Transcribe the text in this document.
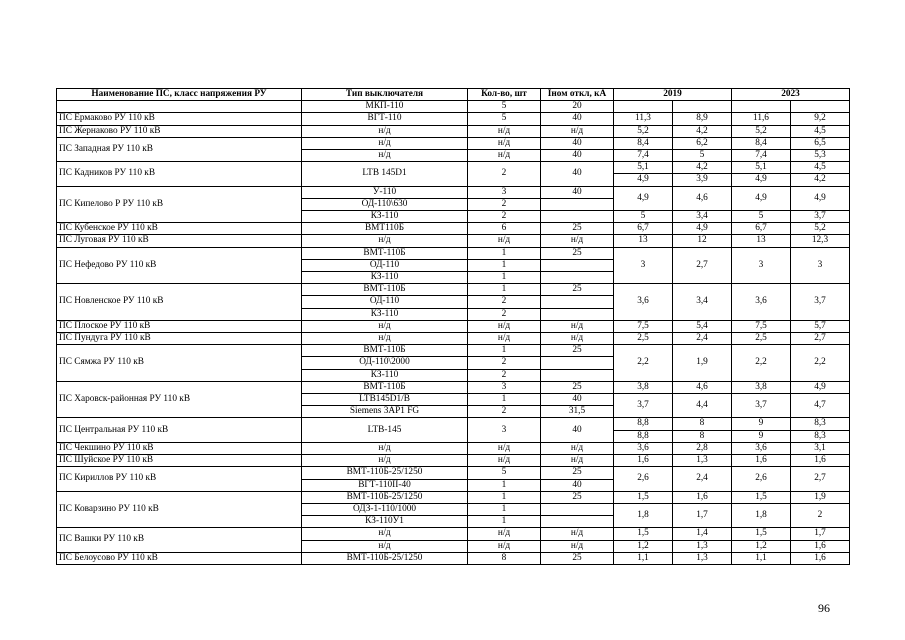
Наименование ПС, класс напряжения РУ	Тип выключателя	Кол-во, шт	Iном откл, кА	2019		2023	
	МКП-110	5	20				
ПС Ермаково РУ 110 кВ	ВГТ-110	5	40	11,3	8,9	11,6	9,2
ПС Жернаково РУ 110 кВ	н/д	н/д	н/д	5,2	4,2	5,2	4,5
ПС Западная РУ 110 кВ	н/д	н/д	40	8,4	6,2	8,4	6,5
	н/д	н/д	40	7,4	5	7,4	5,3
ПС Кадников РУ 110 кВ	LTB 145D1	2	40	5,1	4,2	5,1	4,5
				4,9	3,9	4,9	4,2
ПС Кипелово Р РУ 110 кВ	У-110	3	40	4,9	4,6	4,9	4,9
	ОД-110\630	2					
	КЗ-110	2		5	3,4	5	3,7
ПС Кубенское РУ 110 кВ	ВМТ110Б	6	25	6,7	4,9	6,7	5,2
ПС Луговая РУ 110 кВ	н/д	н/д	н/д	13	12	13	12,3
ПС Нефедово РУ 110 кВ	ВМТ-110Б	1	25	3	2,7	3	3
	ОД-110	1					
	КЗ-110	1					
ПС Новленское РУ 110 кВ	ВМТ-110Б	1	25	3,6	3,4	3,6	3,7
	ОД-110	2					
	КЗ-110	2					
ПС Плоское РУ 110 кВ	н/д	н/д	н/д	7,5	5,4	7,5	5,7
ПС Пундуга РУ 110 кВ	н/д	н/д	н/д	2,5	2,4	2,5	2,7
ПС Сямжа РУ 110 кВ	ВМТ-110Б	1	25	2,2	1,9	2,2	2,2
	ОД-110\2000	2					
	КЗ-110	2					
ПС Харовск-районная РУ 110 кВ	ВМТ-110Б	3	25	3,8	4,6	3,8	4,9
	LTB145D1/B	1	40	3,7	4,4	3,7	4,7
	Siemens 3AP1 FG	2	31,5				
ПС Центральная РУ 110 кВ	LTB-145	3	40	8,8	8	9	8,3
				8,8	8	9	8,3
ПС Чекшино РУ 110 кВ	н/д	н/д	н/д	3,6	2,8	3,6	3,1
ПС Шуйское РУ 110 кВ	н/д	н/д	н/д	1,6	1,3	1,6	1,6
ПС Кириллов РУ 110 кВ	ВМТ-110Б-25/1250	5	25	2,6	2,4	2,6	2,7
	ВГТ-110II-40	1	40				
ПС Коварзино РУ 110 кВ	ВМТ-110Б-25/1250	1	25	1,5	1,6	1,5	1,9
	ОДЗ-1-110/1000	1		1,8	1,7	1,8	2
	КЗ-110У1	1					
ПС Вашки РУ 110 кВ	н/д	н/д	н/д	1,5	1,4	1,5	1,7
	н/д	н/д	н/д	1,2	1,3	1,2	1,6
ПС Белоусово РУ 110 кВ	ВМТ-110Б-25/1250	8	25	1,1	1,3	1,1	1,6
96
